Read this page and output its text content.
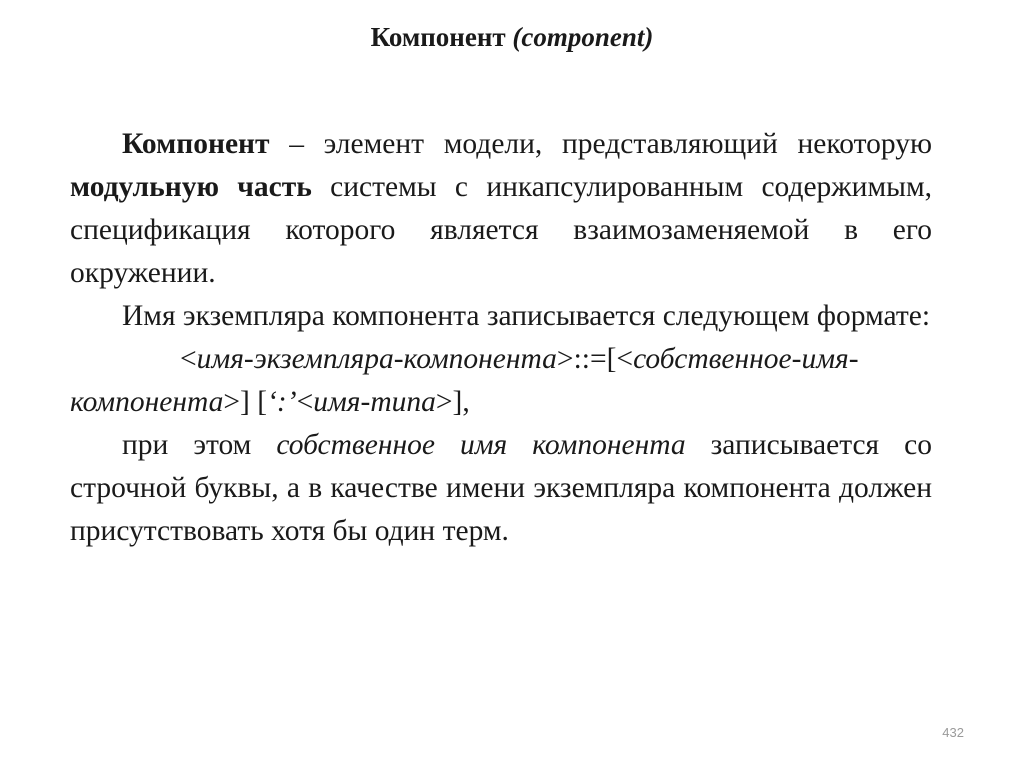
Компонент (component)

Компонент – элемент модели, представляющий некоторую модульную часть системы с инкапсулированным содержимым, спецификация которого является взаимозаменяемой в его окружении.

Имя экземпляра компонента записывается следующем формате:

<имя-экземпляра-компонента>::=[<собственное-имя-компонента>] [‘:’<имя-типа>],

при этом собственное имя компонента записывается со строчной буквы, а в качестве имени экземпляра компонента должен присутствовать хотя бы один терм.

432
